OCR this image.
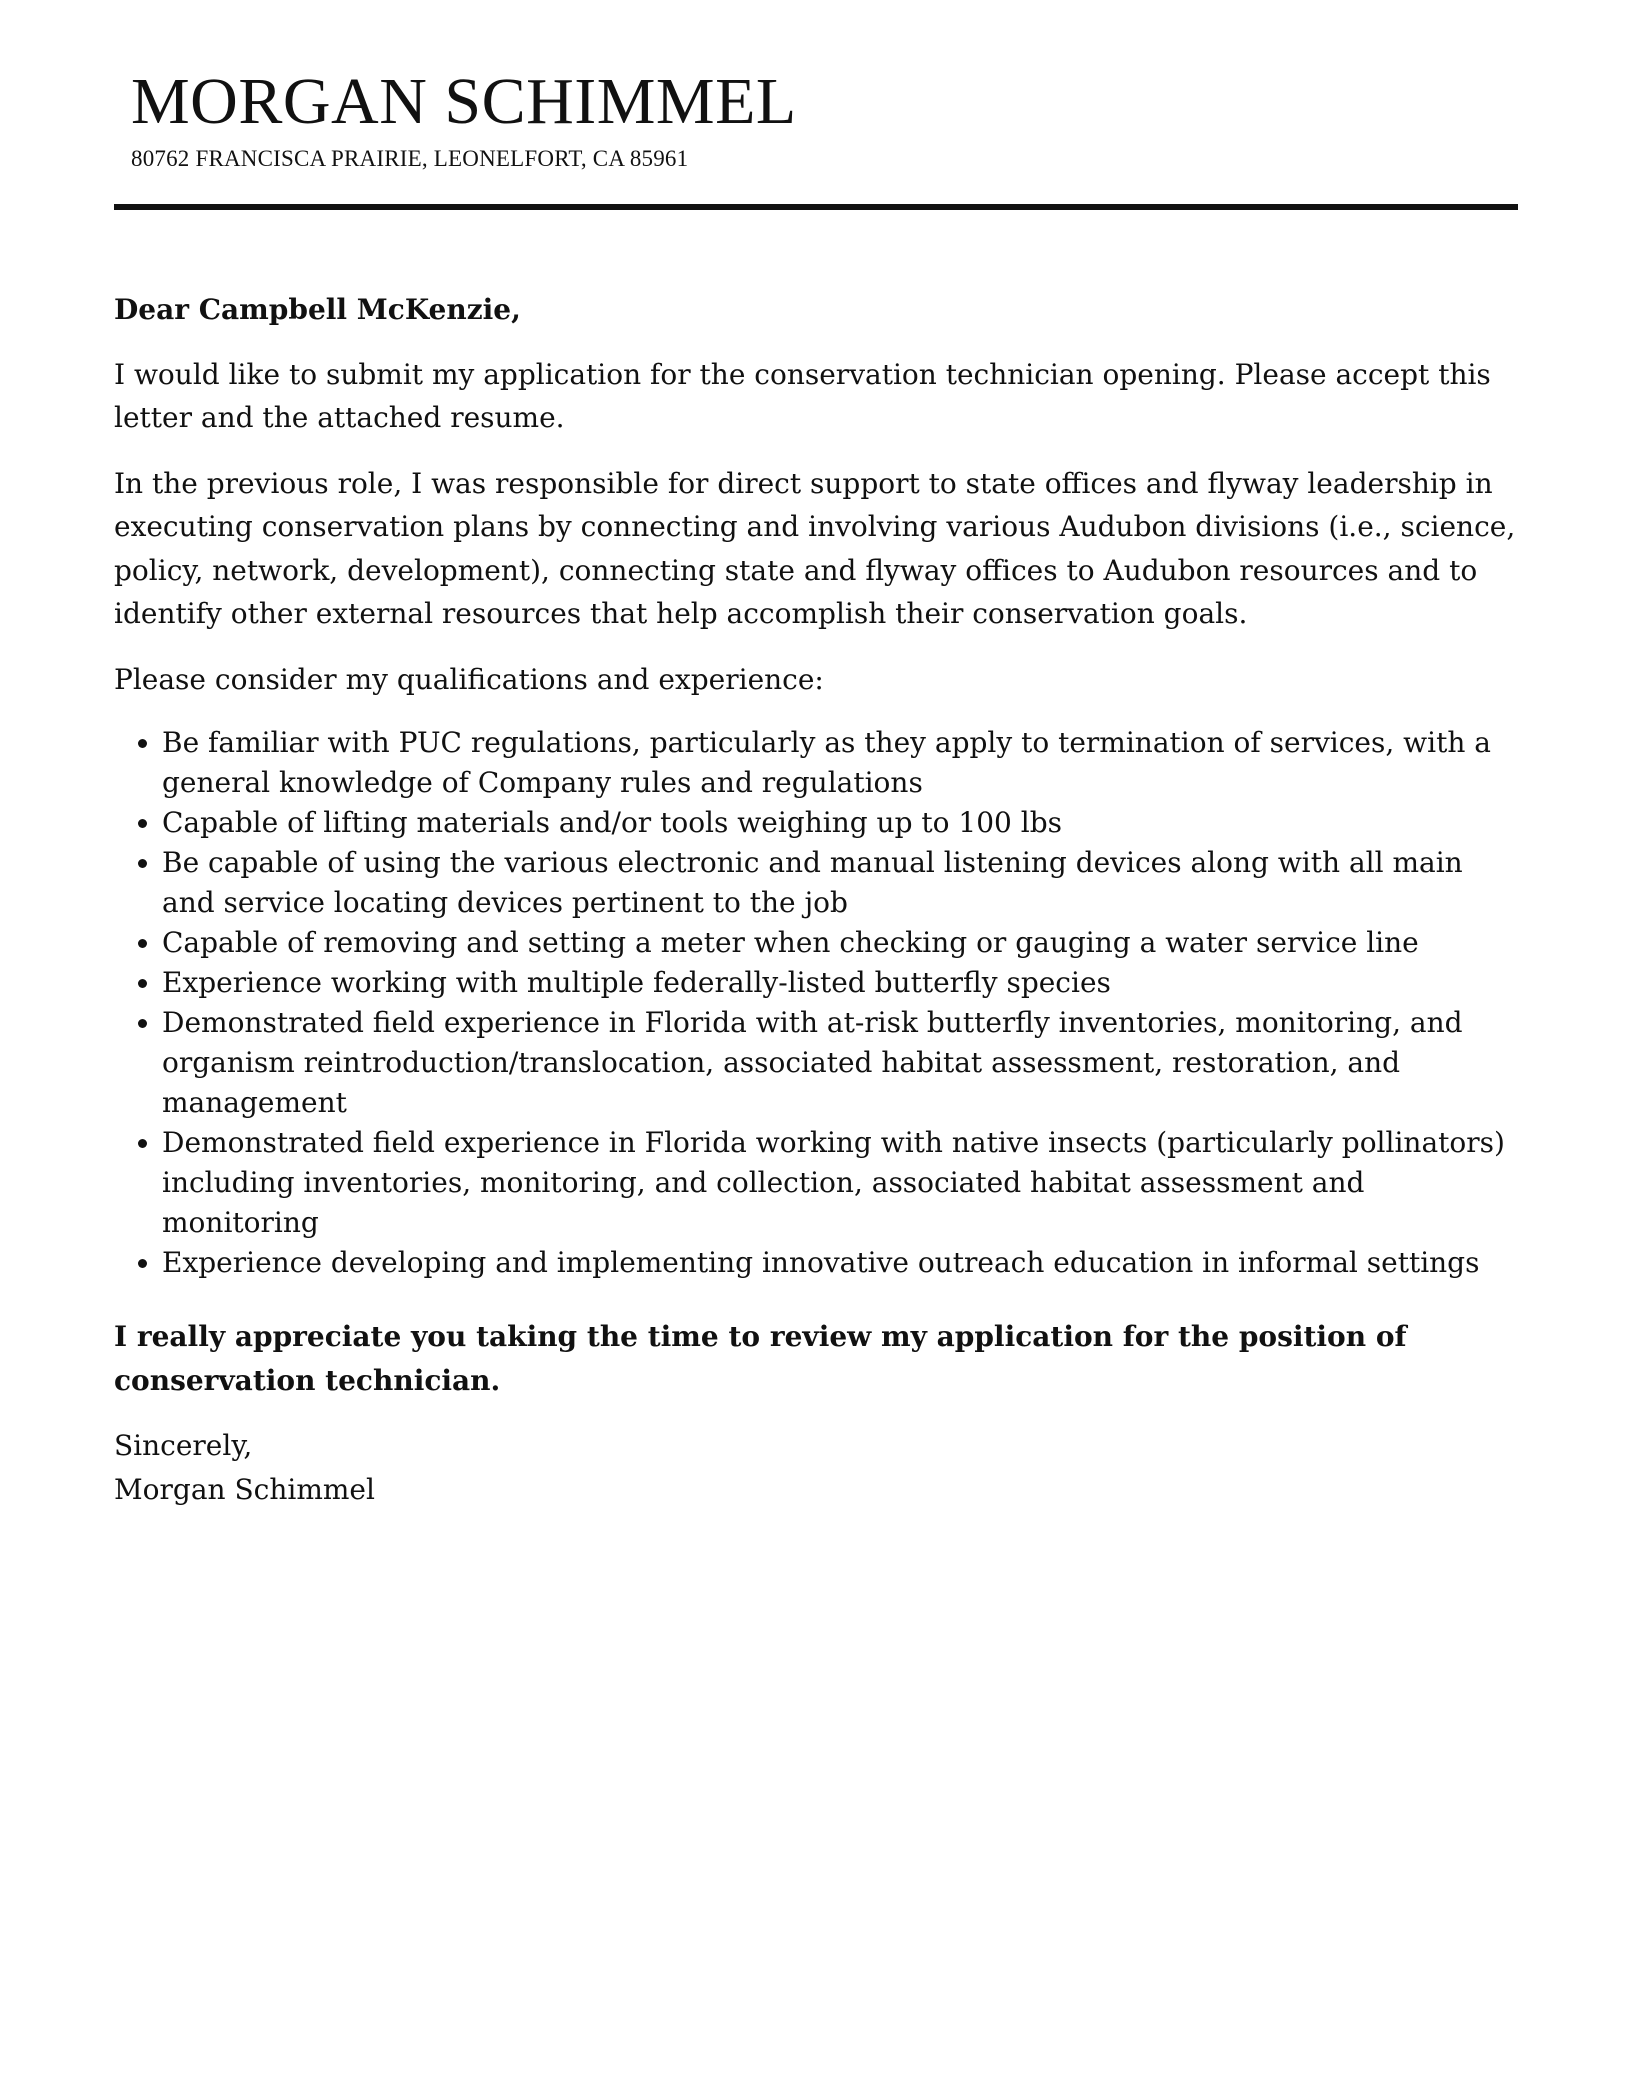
MORGAN SCHIMMEL
80762 FRANCISCA PRAIRIE, LEONELFORT, CA 85961

Dear Campbell McKenzie,

I would like to submit my application for the conservation technician opening. Please accept this letter and the attached resume.

In the previous role, I was responsible for direct support to state offices and flyway leadership in executing conservation plans by connecting and involving various Audubon divisions (i.e., science, policy, network, development), connecting state and flyway offices to Audubon resources and to identify other external resources that help accomplish their conservation goals.

Please consider my qualifications and experience:

• Be familiar with PUC regulations, particularly as they apply to termination of services, with a general knowledge of Company rules and regulations
• Capable of lifting materials and/or tools weighing up to 100 lbs
• Be capable of using the various electronic and manual listening devices along with all main and service locating devices pertinent to the job
• Capable of removing and setting a meter when checking or gauging a water service line
• Experience working with multiple federally-listed butterfly species
• Demonstrated field experience in Florida with at-risk butterfly inventories, monitoring, and organism reintroduction/translocation, associated habitat assessment, restoration, and management
• Demonstrated field experience in Florida working with native insects (particularly pollinators) including inventories, monitoring, and collection, associated habitat assessment and monitoring
• Experience developing and implementing innovative outreach education in informal settings

I really appreciate you taking the time to review my application for the position of conservation technician.

Sincerely,

Morgan Schimmel
